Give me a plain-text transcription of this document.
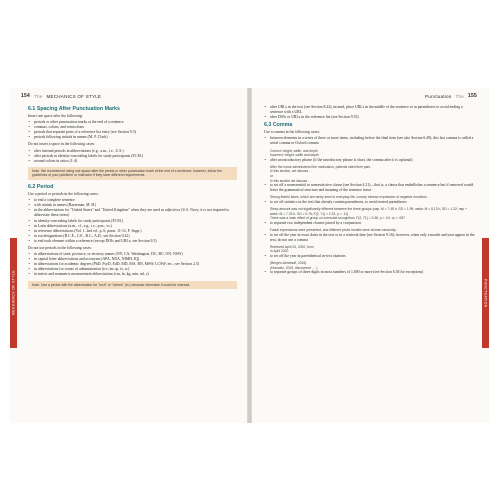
154 The MECHANICS OF STYLE
MECHANICS OF STYLE
6.1 Spacing After Punctuation Marks

Insert one space after the following:

• periods or other punctuation marks at the end of a sentence
• commas, colons, and semicolons
• periods that separate parts of a reference list entry (see Section 9.5)
• periods following initials in names (M. P. Clark)

Do not insert a space in the following cases:

• after internal periods in abbreviations (e.g., a.m., i.e., U.S.)
• after periods in identity-concealing labels for study participants (F.I.M.)
• around colons in ratios (1:4)
Note. We recommend using one space after the period or other punctuation mark at the end of a sentence; however, follow the guidelines of your publisher or instructor if they have different requirements.
6.2 Period

Use a period or periods in the following cases:

• to end a complete sentence
• with initials in names (Bazerman, M. H.)
• in the abbreviations for "United States" and "United Kingdom" when they are used as adjectives (U.S. Navy; it is not required to abbreviate these terms)
• in identity-concealing labels for study participants (F.I.M.)
• in Latin abbreviations (a.m., cf., e.g., i.e., p.m., vs.)
• in reference abbreviations (Vol. 1, 2nd ed., p. 6, paras. 11-12, F. Supp.)
• in era designations (B.C.E., C.E., B.C., A.D.; see Section 9.42)
• to end each element within a reference (except DOIs and URLs; see Section 9.5)

Do not use periods in the following cases:

• in abbreviations of state, province, or territory names (NY; CA; Washington, DC; BC; ON; NSW)
• in capital letter abbreviations and acronyms (APA, NDA, NIMH, IQ)
• in abbreviations for academic degrees (PhD, PsyD, EdD, MD, MA, RN, MSW, LCSW; etc.; see Section 2.5)
• in abbreviations for routes of administration (icv, im, ip, iv, sc)
• in metric and nonmetric measurement abbreviations (cm, hr, kg, min, ml, s)
Note. Use a period with the abbreviation for "inch" or "inches" (in.) because otherwise it could be misread.
Punctuation The 155
PUNCTUATION
• after URLs in the text (see Section 8.22); instead, place URLs in the middle of the sentence or in parentheses to avoid ending a sentence with a URL
• after DOIs or URLs in the reference list (see Section 9.35)
6.3 Comma

Use a comma in the following cases:

• between elements in a series of three or more items, including before the final item (see also Section 6.49); this last comma is called a serial comma or Oxford comma
Correct: height, width, and depth
Incorrect: height, width and depth
• after an introductory phrase (if the introductory phrase is short, the comma after it is optional)
After the nurse administered the medication, patients rated their pain.
In this section, we discuss . . .
or
In this section we discuss . . .
• to set off a nonessential or nonrestrictive clause (see Section 4.21)—that is, a clause that embellishes a sentence but if removed would leave the grammatical structure and meaning of the sentence intact
Strong fearful faces, which are rarely seen in everyday life, convey intense expression of negative emotions.
• to set off statistics in the text that already contain parentheses, to avoid nested parentheses
Sleep amount was not significantly different between the three groups (nap: M = 7.48 h, SD = 1.99; wake: M = 8.13 h, SD = 1.22; nap + wake: M = 7.25 h, SD = 0.76; F(2, 71) = 2.32, p = .11)
There was a main effect of group on corrected recognition, F(2, 71) = 3.38, p = .04, η² = .087
• to separate two independent clauses joined by a conjunction
Facial expressions were presented, and different photo models were chosen randomly.
• to set off the year in exact dates in the text or in a retrieval date (see Section 9.16); however, when only a month and year appear in the text, do not use a comma
Retrieved April 24, 2020, from
In April 2020
• to set off the year in parenthetical in-text citations
(Bergen-Abramoff, 2016)
(Horowitz, 2019, discovered . . .)
• to separate groups of three digits in most numbers of 1,000 or more (see Section 6.38 for exceptions)
